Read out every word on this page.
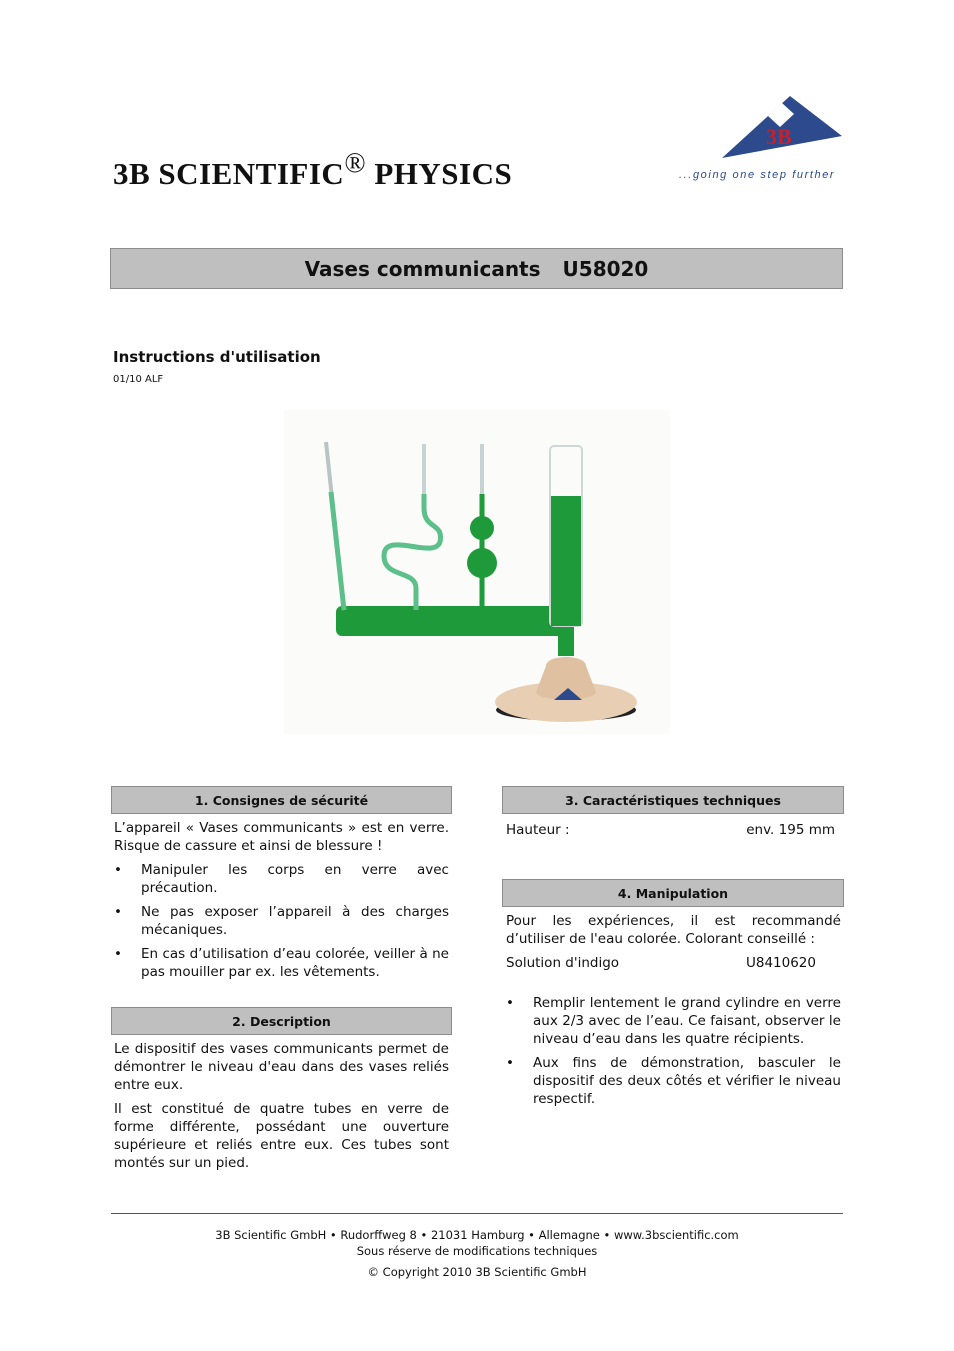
3B SCIENTIFIC® PHYSICS
3B
...going one step further
Vases communicants U58020
Instructions d'utilisation
01/10 ALF
1. Consignes de sécurité

L’appareil « Vases communicants » est en verre. Risque de cassure et ainsi de blessure !

• Manipuler les corps en verre avec précaution.
• Ne pas exposer l’appareil à des charges mécaniques.
• En cas d’utilisation d’eau colorée, veiller à ne pas mouiller par ex. les vêtements.
2. Description

Le dispositif des vases communicants permet de démontrer le niveau d'eau dans des vases reliés entre eux.

Il est constitué de quatre tubes en verre de forme différente, possédant une ouverture supérieure et reliés entre eux. Ces tubes sont montés sur un pied.

3. Caractéristiques techniques
Hauteur :	env. 195 mm
4. Manipulation

Pour les expériences, il est recommandé d’utiliser de l'eau colorée. Colorant conseillé :

Solution d'indigo	U8410620
• Remplir lentement le grand cylindre en verre aux 2/3 avec de l’eau. Ce faisant, observer le niveau d’eau dans les quatre récipients.
• Aux fins de démonstration, basculer le dispositif des deux côtés et vérifier le niveau respectif.
3B Scientific GmbH • Rudorffweg 8 • 21031 Hamburg • Allemagne • www.3bscientific.com
Sous réserve de modifications techniques
© Copyright 2010 3B Scientific GmbH
